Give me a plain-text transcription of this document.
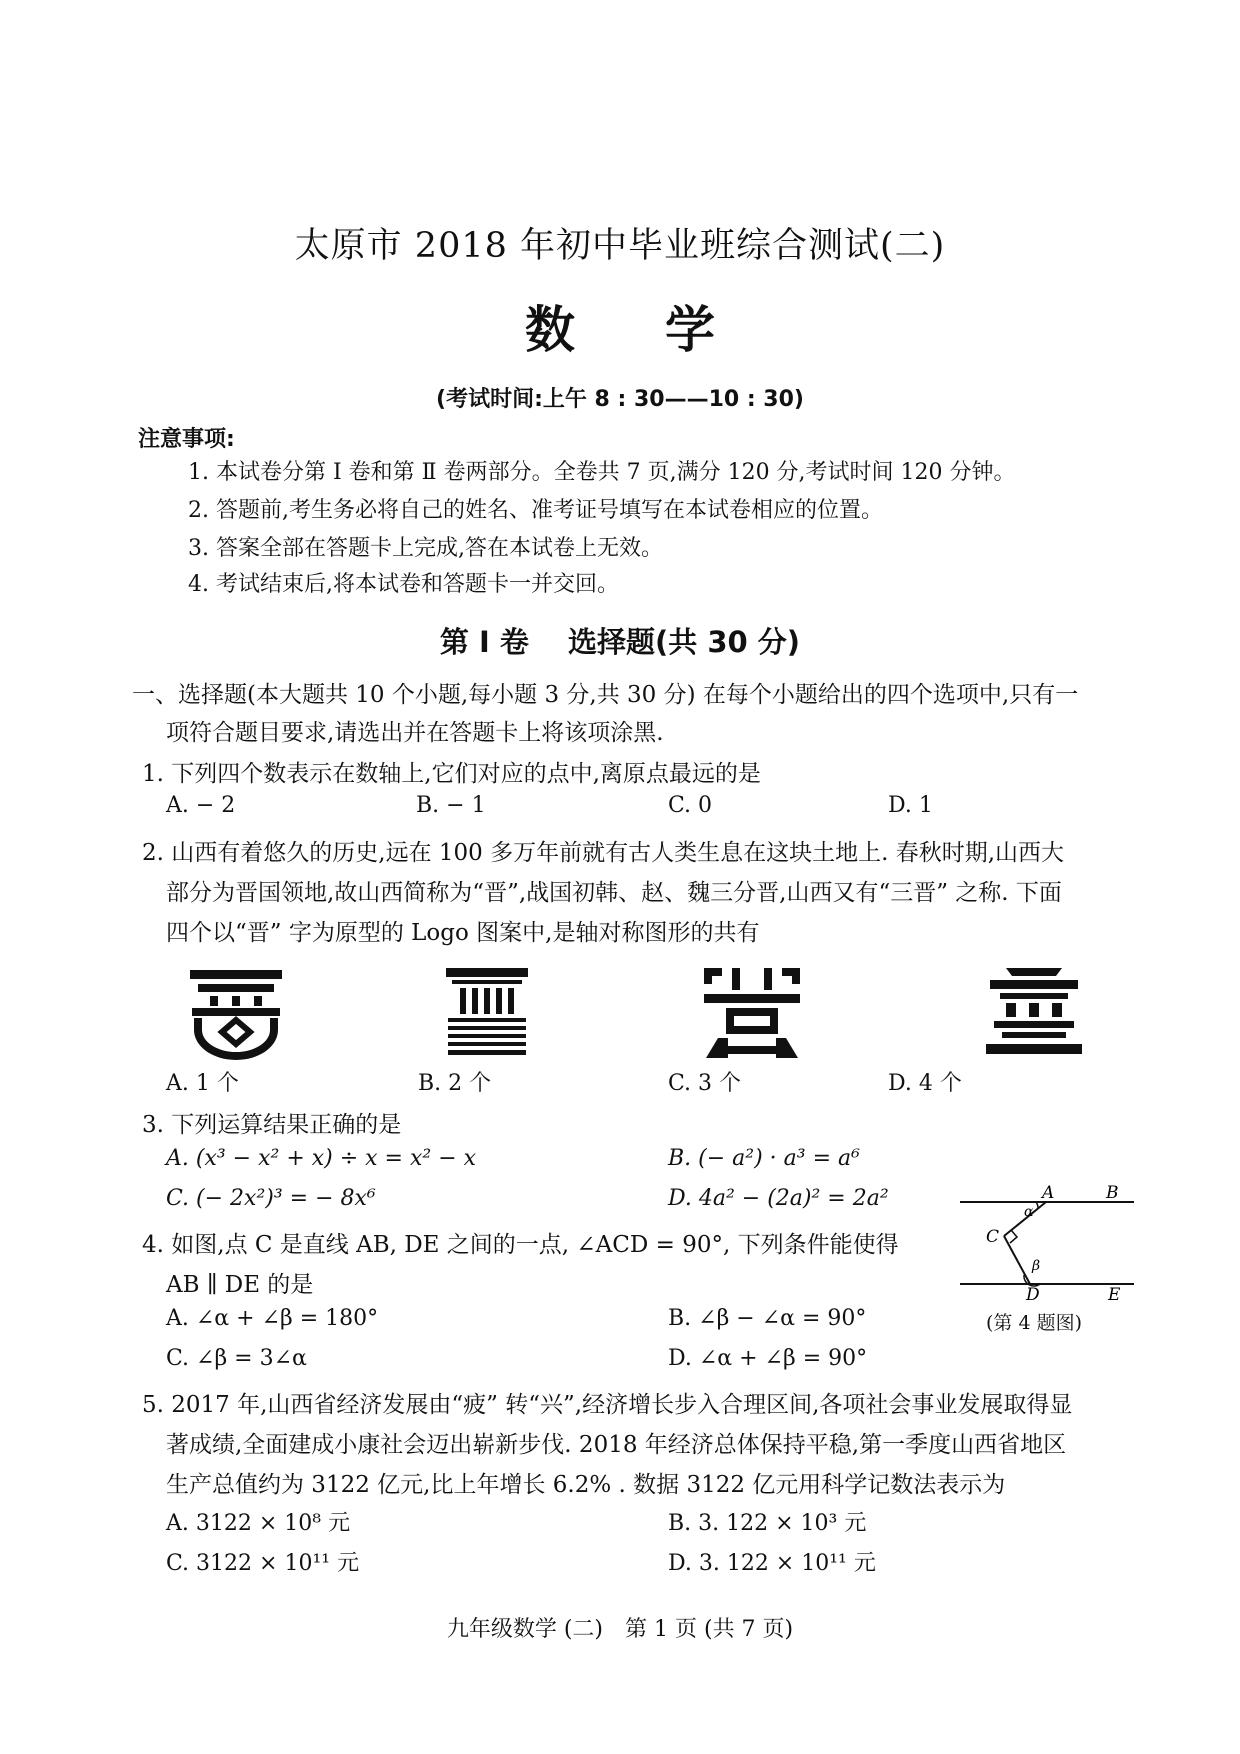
太原市 2018 年初中毕业班综合测试(二)
数学
(考试时间:上午 8 : 30——10 : 30)
注意事项:
1. 本试卷分第 Ⅰ 卷和第 Ⅱ 卷两部分。全卷共 7 页,满分 120 分,考试时间 120 分钟。
2. 答题前,考生务必将自己的姓名、准考证号填写在本试卷相应的位置。
3. 答案全部在答题卡上完成,答在本试卷上无效。
4. 考试结束后,将本试卷和答题卡一并交回。
第 Ⅰ 卷　 选择题(共 30 分)
一、选择题(本大题共 10 个小题,每小题 3 分,共 30 分) 在每个小题给出的四个选项中,只有一
项符合题目要求,请选出并在答题卡上将该项涂黑.
1. 下列四个数表示在数轴上,它们对应的点中,离原点最远的是
A. − 2	B. − 1	C. 0	D. 1
2. 山西有着悠久的历史,远在 100 多万年前就有古人类生息在这块土地上. 春秋时期,山西大
部分为晋国领地,故山西简称为“晋”,战国初韩、赵、魏三分晋,山西又有“三晋” 之称. 下面
四个以“晋” 字为原型的 Logo 图案中,是轴对称图形的共有
A. 1 个	B. 2 个	C. 3 个	D. 4 个
3. 下列运算结果正确的是
A. (x³ − x² + x) ÷ x = x² − x	B. (− a²) · a³ = a⁶
C. (− 2x²)³ = − 8x⁶	D. 4a² − (2a)² = 2a²
4. 如图,点 C 是直线 AB, DE 之间的一点, ∠ACD = 90°, 下列条件能使得
AB ∥ DE 的是
A. ∠α + ∠β = 180°	B. ∠β − ∠α = 90°
C. ∠β = 3∠α	D. ∠α + ∠β = 90°
A	B
C
D	E
α
β
(第 4 题图)
5. 2017 年,山西省经济发展由“疲” 转“兴”,经济增长步入合理区间,各项社会事业发展取得显
著成绩,全面建成小康社会迈出崭新步伐. 2018 年经济总体保持平稳,第一季度山西省地区
生产总值约为 3122 亿元,比上年增长 6.2% . 数据 3122 亿元用科学记数法表示为
A. 3122 × 10⁸ 元	B. 3. 122 × 10³ 元
C. 3122 × 10¹¹ 元	D. 3. 122 × 10¹¹ 元
九年级数学 (二)　第 1 页 (共 7 页)
